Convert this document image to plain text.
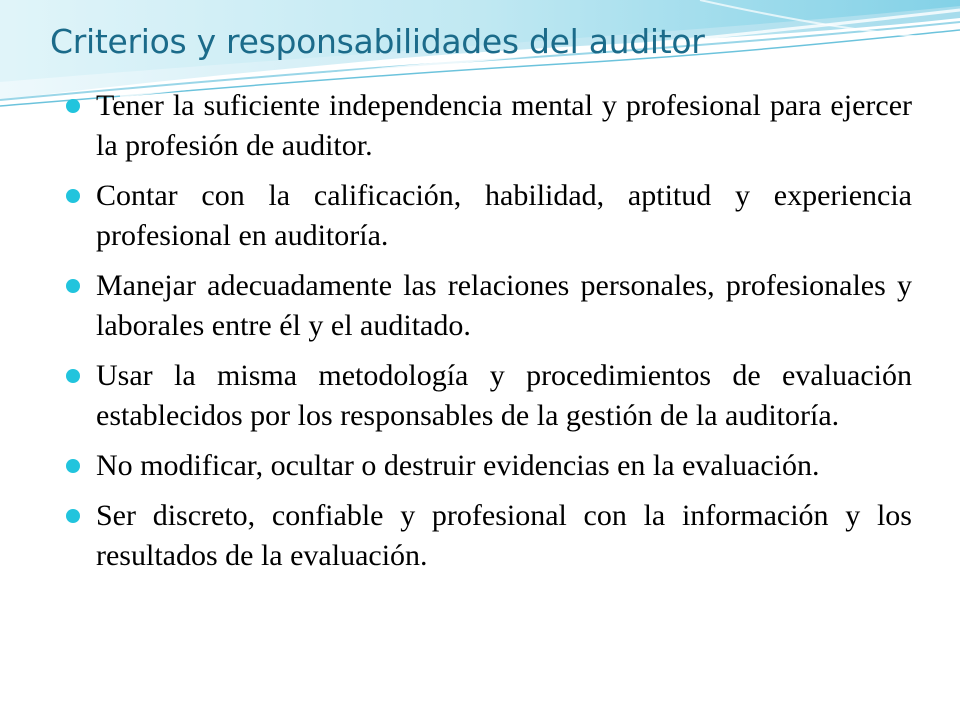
Criterios y responsabilidades del auditor
Tener la suficiente independencia mental y profesional para ejercer la profesión de auditor.
Contar con la calificación, habilidad, aptitud y experiencia profesional en auditoría.
Manejar adecuadamente las relaciones personales, profesionales y laborales entre él y el auditado.
Usar la misma metodología y procedimientos de evaluación establecidos por los responsables de la gestión de la auditoría.
No modificar, ocultar o destruir evidencias en la evaluación.
Ser discreto, confiable y profesional con la información y los resultados de la evaluación.
